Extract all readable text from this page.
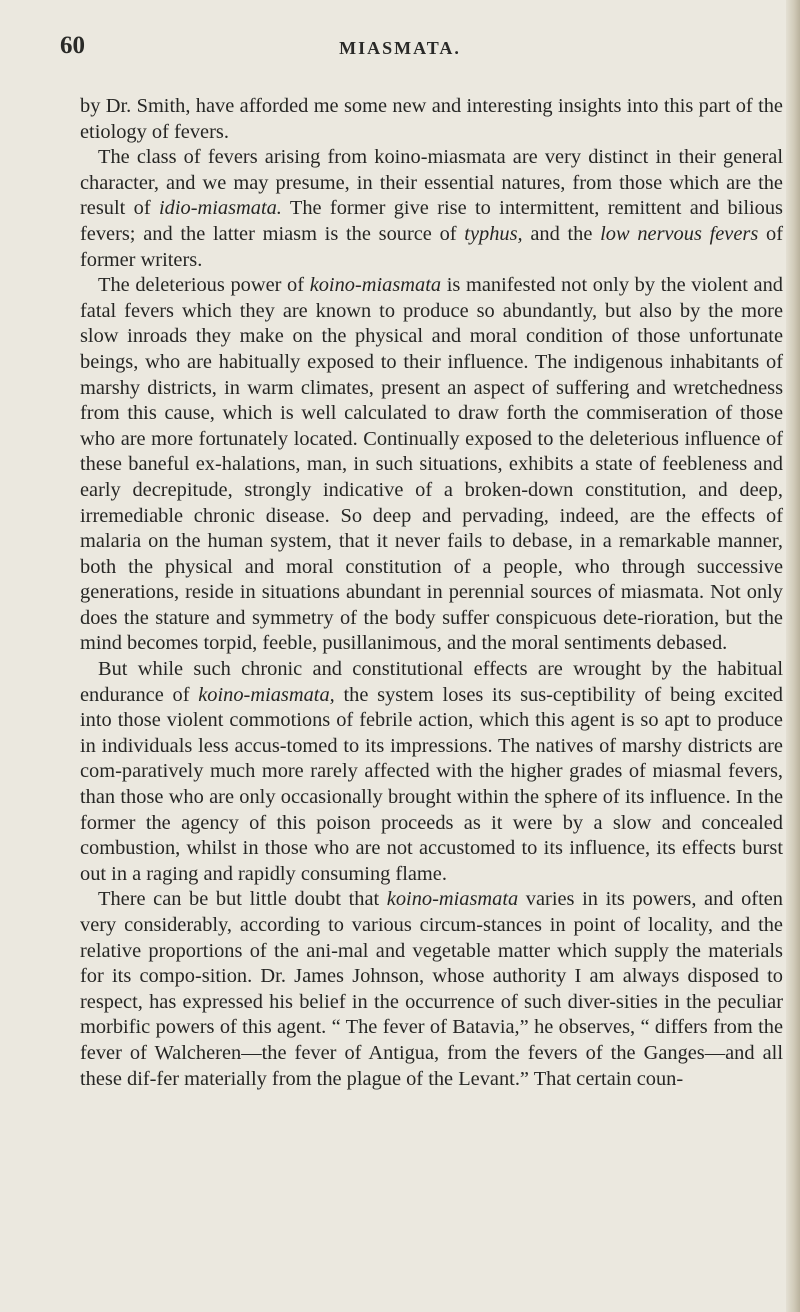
60	MIASMATA.

by Dr. Smith, have afforded me some new and interesting insights into this part of the etiology of fevers.

The class of fevers arising from koino-miasmata are very distinct in their general character, and we may presume, in their essential natures, from those which are the result of idio-miasmata. The former give rise to intermittent, remittent and bilious fevers; and the latter miasm is the source of typhus, and the low nervous fevers of former writers.

The deleterious power of koino-miasmata is manifested not only by the violent and fatal fevers which they are known to produce so abundantly, but also by the more slow inroads they make on the physical and moral condition of those unfortunate beings, who are habitually exposed to their influence. The indigenous inhabitants of marshy districts, in warm climates, present an aspect of suffering and wretchedness from this cause, which is well calculated to draw forth the commiseration of those who are more fortunately located. Continually exposed to the deleterious influence of these baneful ex-halations, man, in such situations, exhibits a state of feebleness and early decrepitude, strongly indicative of a broken-down constitution, and deep, irremediable chronic disease. So deep and pervading, indeed, are the effects of malaria on the human system, that it never fails to debase, in a remarkable manner, both the physical and moral constitution of a people, who through successive generations, reside in situations abundant in perennial sources of miasmata. Not only does the stature and symmetry of the body suffer conspicuous dete-rioration, but the mind becomes torpid, feeble, pusillanimous, and the moral sentiments debased.

But while such chronic and constitutional effects are wrought by the habitual endurance of koino-miasmata, the system loses its sus-ceptibility of being excited into those violent commotions of febrile action, which this agent is so apt to produce in individuals less accus-tomed to its impressions. The natives of marshy districts are com-paratively much more rarely affected with the higher grades of miasmal fevers, than those who are only occasionally brought within the sphere of its influence. In the former the agency of this poison proceeds as it were by a slow and concealed combustion, whilst in those who are not accustomed to its influence, its effects burst out in a raging and rapidly consuming flame.

There can be but little doubt that koino-miasmata varies in its powers, and often very considerably, according to various circum-stances in point of locality, and the relative proportions of the ani-mal and vegetable matter which supply the materials for its compo-sition. Dr. James Johnson, whose authority I am always disposed to respect, has expressed his belief in the occurrence of such diver-sities in the peculiar morbific powers of this agent. “ The fever of Batavia,” he observes, “ differs from the fever of Walcheren—the fever of Antigua, from the fevers of the Ganges—and all these dif-fer materially from the plague of the Levant.” That certain coun-
